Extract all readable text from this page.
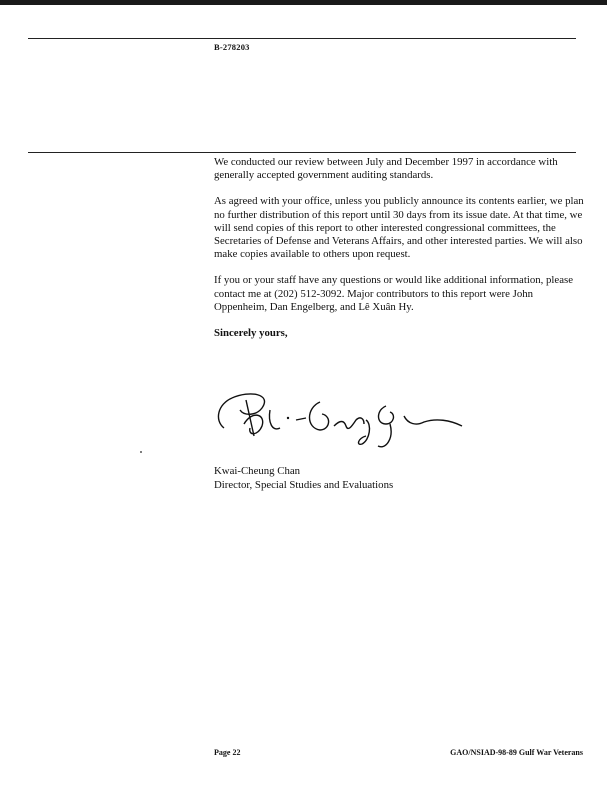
B-278203

We conducted our review between July and December 1997 in accordance with generally accepted government auditing standards.

As agreed with your office, unless you publicly announce its contents earlier, we plan no further distribution of this report until 30 days from its issue date. At that time, we will send copies of this report to other interested congressional committees, the Secretaries of Defense and Veterans Affairs, and other interested parties. We will also make copies available to others upon request.

If you or your staff have any questions or would like additional information, please contact me at (202) 512-3092. Major contributors to this report were John Oppenheim, Dan Engelberg, and Lê Xuân Hy.

Sincerely yours,

Kwai-Cheung Chan
Director, Special Studies and Evaluations
Page 22	GAO/NSIAD-98-89 Gulf War Veterans
